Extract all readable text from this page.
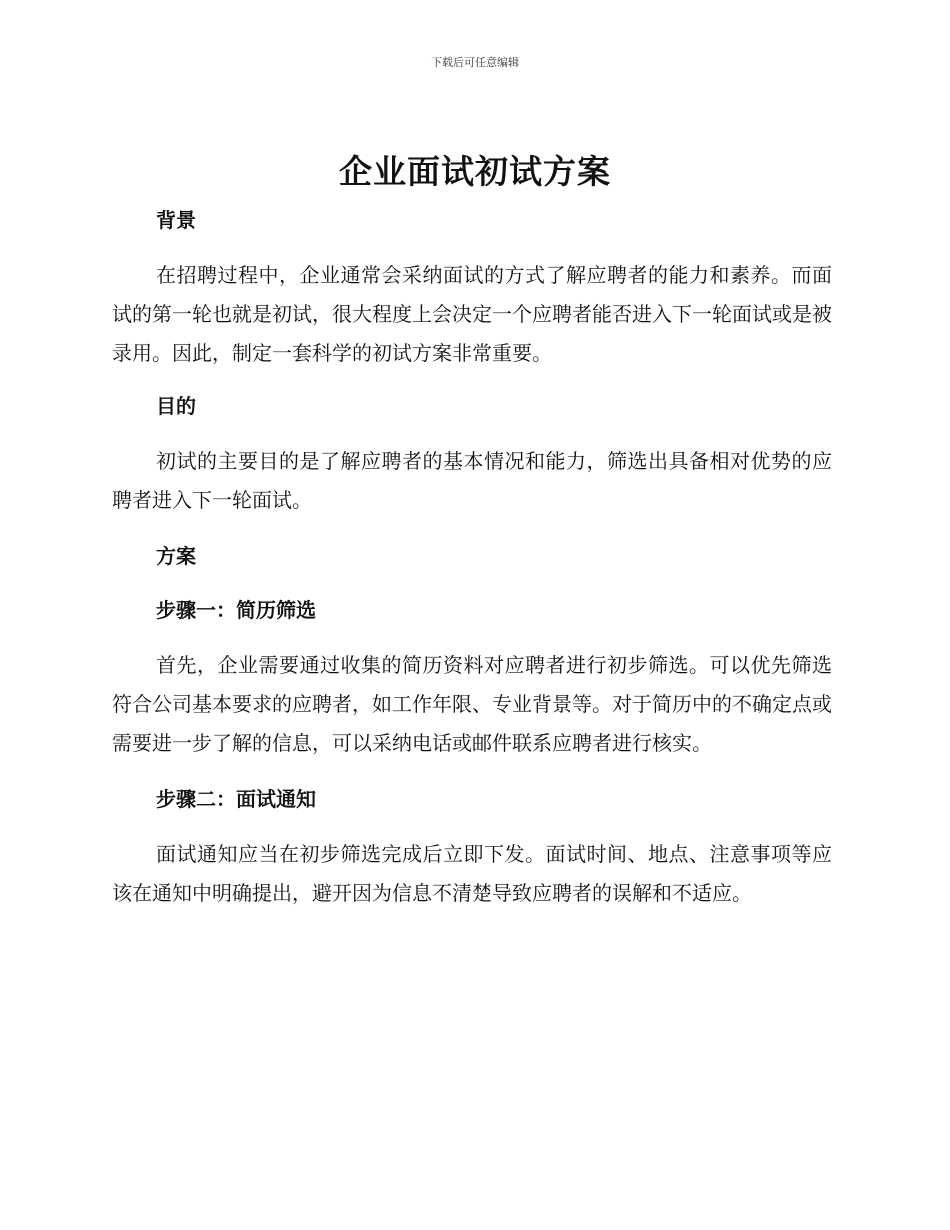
下载后可任意编辑
企业面试初试方案

背景

在招聘过程中，企业通常会采纳面试的方式了解应聘者的能力和素养。而面试的第一轮也就是初试，很大程度上会决定一个应聘者能否进入下一轮面试或是被录用。因此，制定一套科学的初试方案非常重要。

目的

初试的主要目的是了解应聘者的基本情况和能力，筛选出具备相对优势的应聘者进入下一轮面试。

方案

步骤一：简历筛选

首先，企业需要通过收集的简历资料对应聘者进行初步筛选。可以优先筛选符合公司基本要求的应聘者，如工作年限、专业背景等。对于简历中的不确定点或需要进一步了解的信息，可以采纳电话或邮件联系应聘者进行核实。

步骤二：面试通知

面试通知应当在初步筛选完成后立即下发。面试时间、地点、注意事项等应该在通知中明确提出，避开因为信息不清楚导致应聘者的误解和不适应。
